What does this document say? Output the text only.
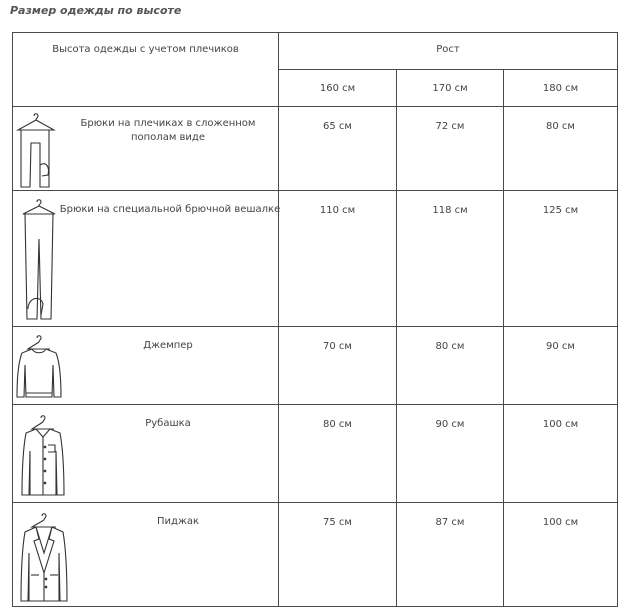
Размер одежды по высоте
Высота одежды с учетом плечиков	Рост		
	160 см	170 см	180 см

Брюки на плечиках в сложенном пополам виде	65 см	72 см	80 см

Брюки на специальной брючной вешалке	110 см	118 см	125 см

Джемпер	70 см	80 см	90 см

Рубашка	80 см	90 см	100 см

Пиджак	75 см	87 см	100 см
